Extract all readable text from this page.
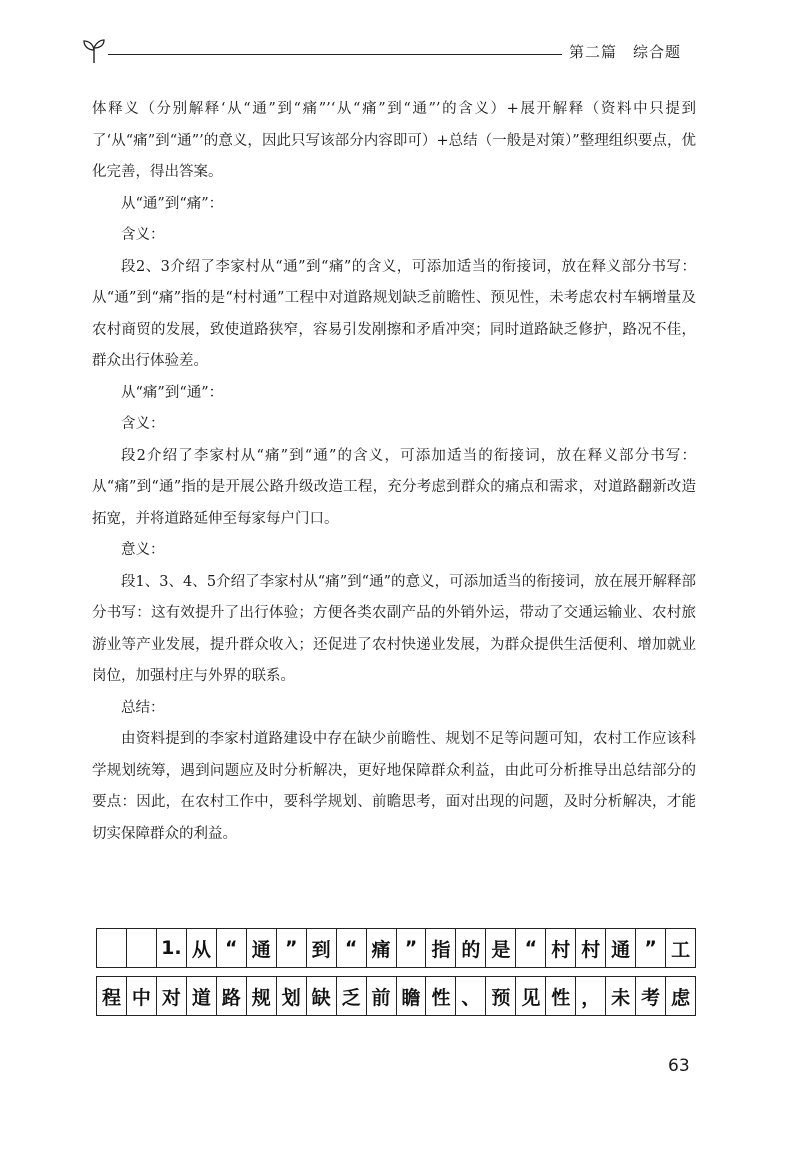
第二篇　综合题

体释义（分别解释‘从“通”到“痛”’‘从“痛”到“通”’的含义）+展开解释（资料中只提到了‘从“痛”到“通”’的意义，因此只写该部分内容即可）+总结（一般是对策）”整理组织要点，优化完善，得出答案。

从“通”到“痛”：

含义：

段2、3介绍了李家村从“通”到“痛”的含义，可添加适当的衔接词，放在释义部分书写：从“通”到“痛”指的是“村村通”工程中对道路规划缺乏前瞻性、预见性，未考虑农村车辆增量及农村商贸的发展，致使道路狭窄，容易引发剐擦和矛盾冲突；同时道路缺乏修护，路况不佳，群众出行体验差。

从“痛”到“通”：

含义：

段2介绍了李家村从“痛”到“通”的含义，可添加适当的衔接词，放在释义部分书写：从“痛”到“通”指的是开展公路升级改造工程，充分考虑到群众的痛点和需求，对道路翻新改造拓宽，并将道路延伸至每家每户门口。

意义：

段1、3、4、5介绍了李家村从“痛”到“通”的意义，可添加适当的衔接词，放在展开解释部分书写：这有效提升了出行体验；方便各类农副产品的外销外运，带动了交通运输业、农村旅游业等产业发展，提升群众收入；还促进了农村快递业发展，为群众提供生活便利、增加就业岗位，加强村庄与外界的联系。

总结：

由资料提到的李家村道路建设中存在缺少前瞻性、规划不足等问题可知，农村工作应该科学规划统筹，遇到问题应及时分析解决，更好地保障群众利益，由此可分析推导出总结部分的要点：因此，在农村工作中，要科学规划、前瞻思考，面对出现的问题，及时分析解决，才能切实保障群众的利益。

1. 从 “ 通 ” 到 “ 痛 ” 指 的 是 “ 村 村 通 ” 工
程 中 对 道 路 规 划 缺 乏 前 瞻 性 、 预 见 性 ， 未 考 虑
63
